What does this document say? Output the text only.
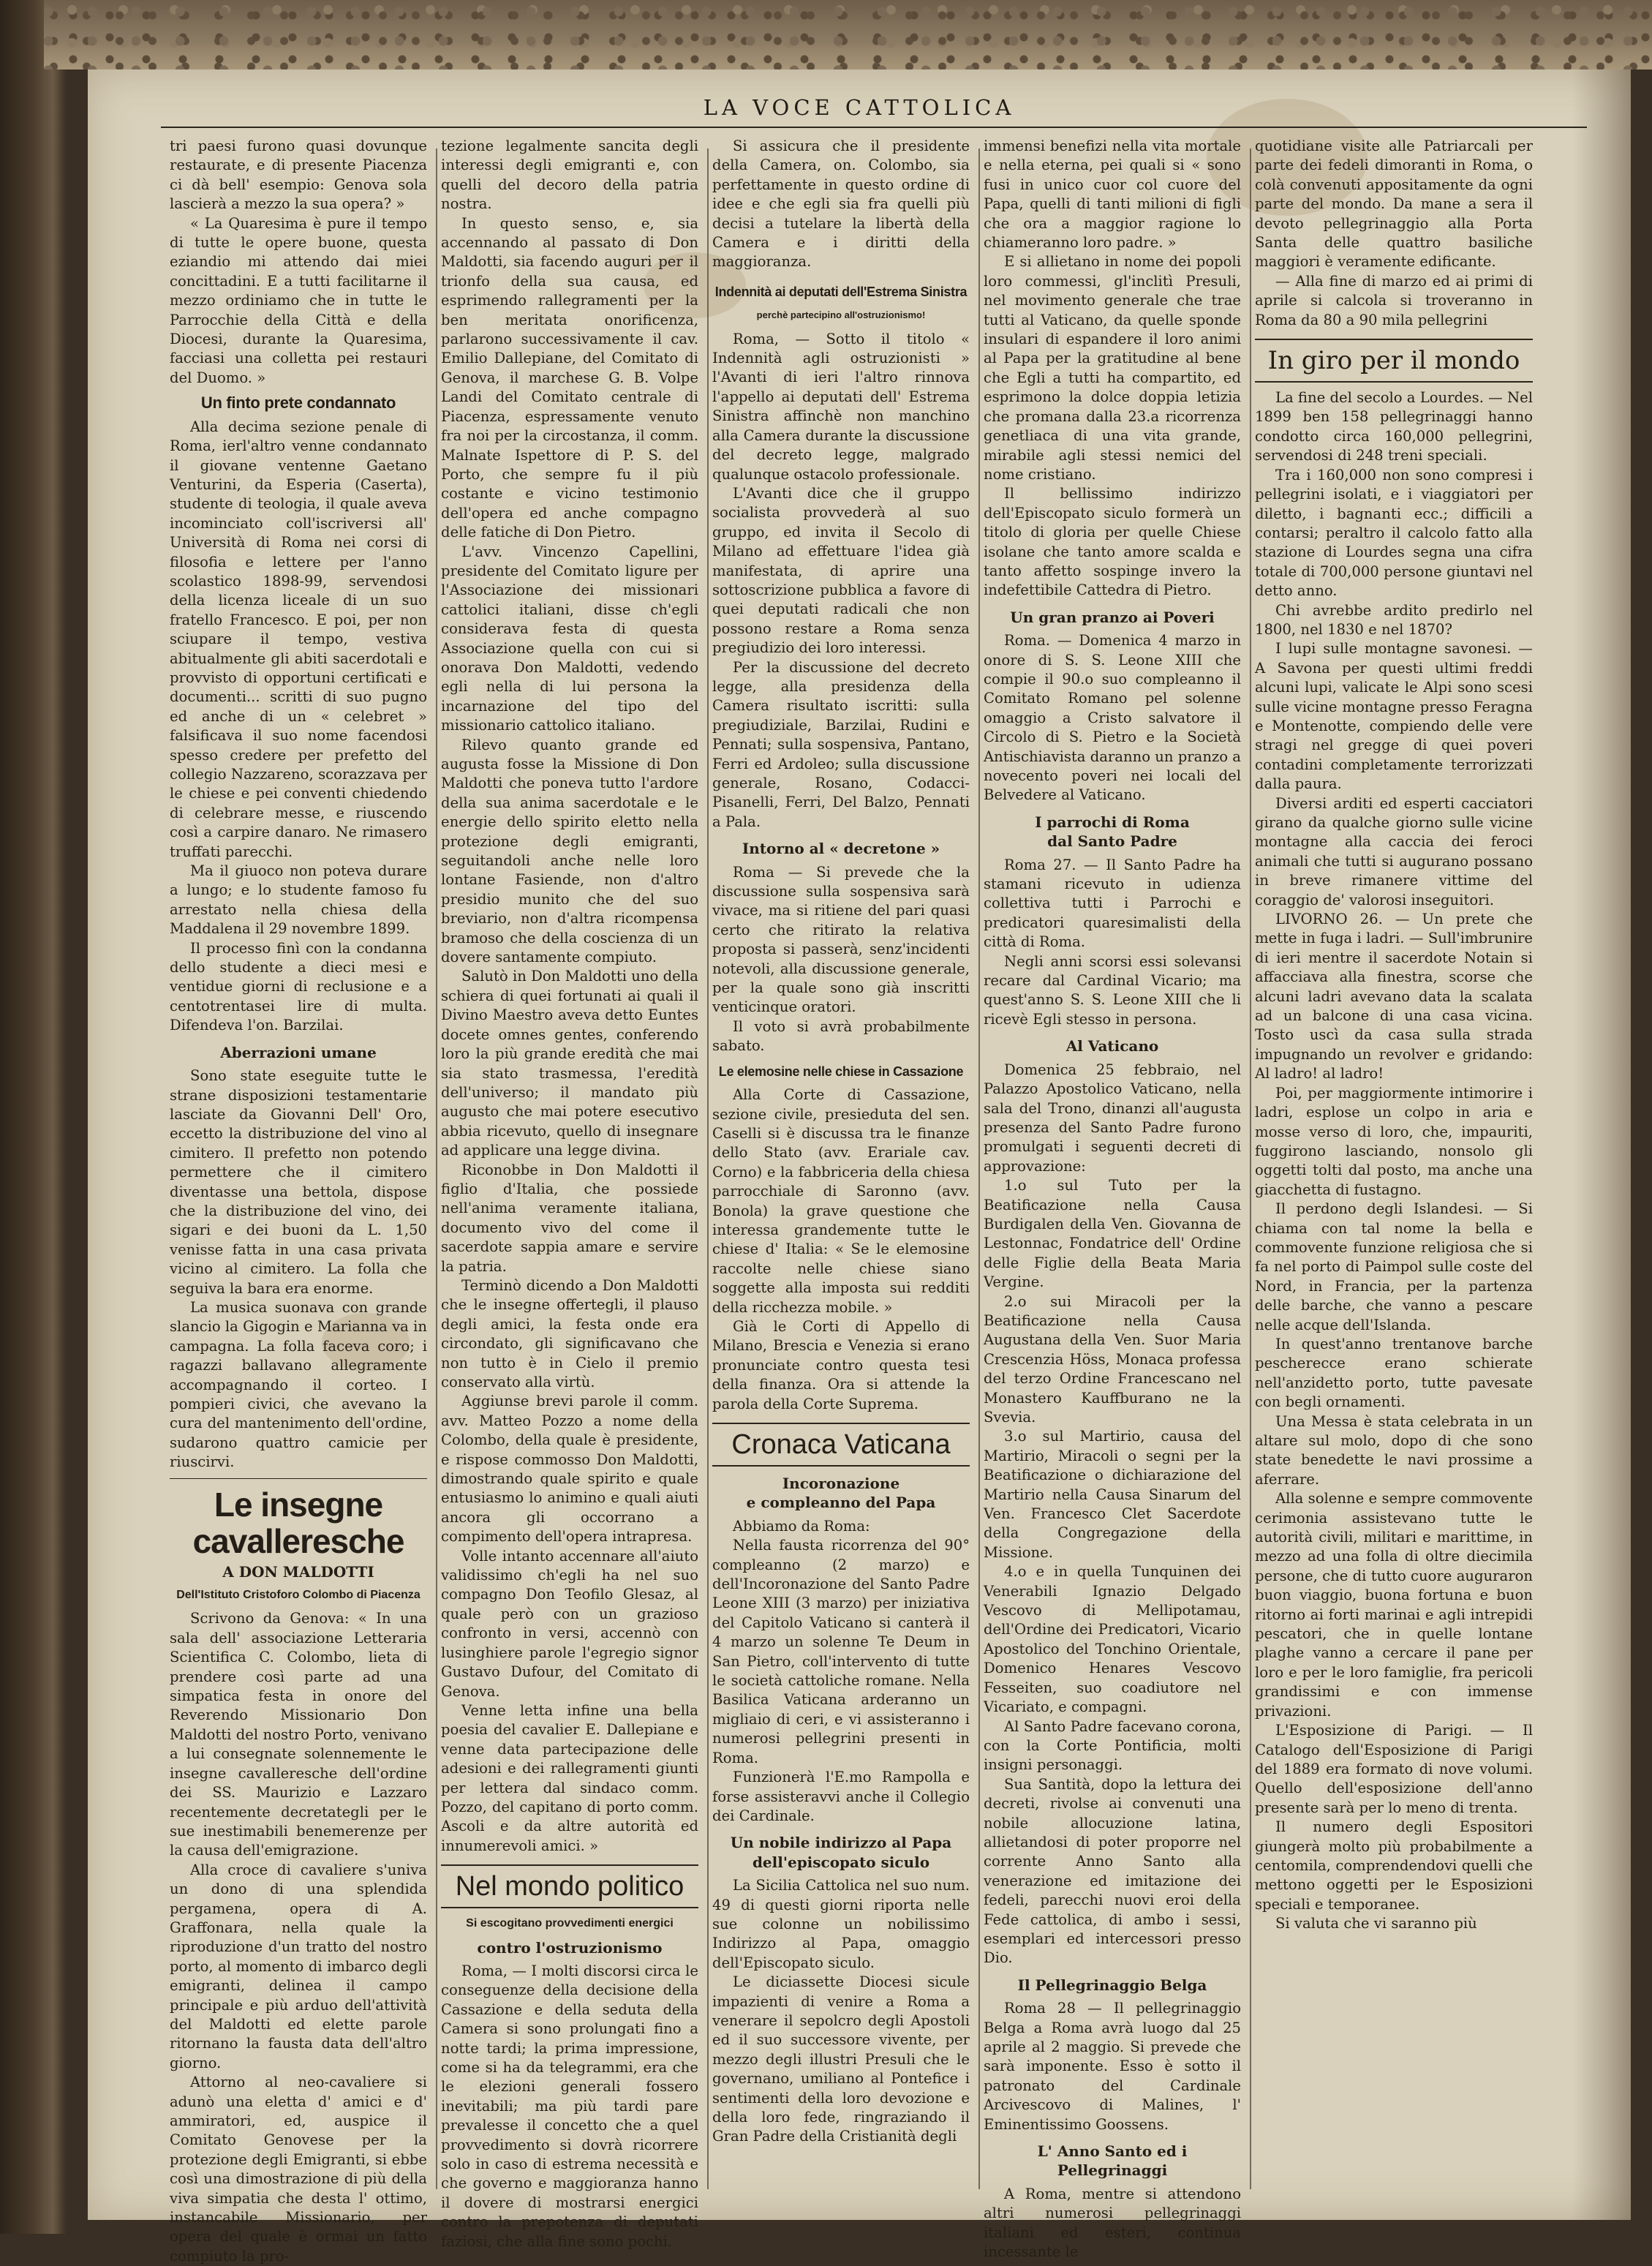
LA VOCE CATTOLICA

tri paesi furono quasi dovunque restaurate, e di presente Piacenza ci dà bell' esempio: Genova sola lascierà a mezzo la sua opera? »

« La Quaresima è pure il tempo di tutte le opere buone, questa eziandio mi attendo dai miei concittadini. E a tutti facilitarne il mezzo ordiniamo che in tutte le Parrocchie della Città e della Diocesi, durante la Quaresima, facciasi una colletta pei restauri del Duomo. »

Un finto prete condannato

Alla decima sezione penale di Roma, ierl'altro venne condannato il giovane ventenne Gaetano Venturini, da Esperia (Caserta), studente di teologia, il quale aveva incominciato coll'iscriversi all' Università di Roma nei corsi di filosofia e lettere per l'anno scolastico 1898-99, servendosi della licenza liceale di un suo fratello Francesco. E poi, per non sciupare il tempo, vestiva abitualmente gli abiti sacerdotali e provvisto di opportuni certificati e documenti... scritti di suo pugno ed anche di un « celebret » falsificava il suo nome facendosi spesso credere per prefetto del collegio Nazzareno, scorazzava per le chiese e pei conventi chiedendo di celebrare messe, e riuscendo così a carpire danaro. Ne rimasero truffati parecchi.

Ma il giuoco non poteva durare a lungo; e lo studente famoso fu arrestato nella chiesa della Maddalena il 29 novembre 1899.

Il processo finì con la condanna dello studente a dieci mesi e ventidue giorni di reclusione e a centotrentasei lire di multa. Difendeva l'on. Barzilai.

Aberrazioni umane

Sono state eseguite tutte le strane disposizioni testamentarie lasciate da Giovanni Dell' Oro, eccetto la distribuzione del vino al cimitero. Il prefetto non potendo permettere che il cimitero diventasse una bettola, dispose che la distribuzione del vino, dei sigari e dei buoni da L. 1,50 venisse fatta in una casa privata vicino al cimitero. La folla che seguiva la bara era enorme.

La musica suonava con grande slancio la Gigogin e Marianna va in campagna. La folla faceva coro; i ragazzi ballavano allegramente accompagnando il corteo. I pompieri civici, che avevano la cura del mantenimento dell'ordine, sudarono quattro camicie per riuscirvi.

Le insegne cavalleresche
A DON MALDOTTI
Dell'Istituto Cristoforo Colombo di Piacenza

Scrivono da Genova: « In una sala dell' associazione Letteraria Scientifica C. Colombo, lieta di prendere così parte ad una simpatica festa in onore del Reverendo Missionario Don Maldotti del nostro Porto, venivano a lui consegnate solennemente le insegne cavalleresche dell'ordine dei SS. Maurizio e Lazzaro recentemente decretategli per le sue inestimabili benemerenze per la causa dell'emigrazione.

Alla croce di cavaliere s'univa un dono di una splendida pergamena, opera di A. Graffonara, nella quale la riproduzione d'un tratto del nostro porto, al momento di imbarco degli emigranti, delinea il campo principale e più arduo dell'attività del Maldotti ed elette parole ritornano la fausta data dell'altro giorno.

Attorno al neo-cavaliere si adunò una eletta d' amici e d' ammiratori, ed, auspice il Comitato Genovese per la protezione degli Emigranti, si ebbe così una dimostrazione di più della viva simpatia che desta l' ottimo, instancabile Missionario, per opera del quale è ormai un fatto compiuto la pro-

tezione legalmente sancita degli interessi degli emigranti e, con quelli del decoro della patria nostra.

In questo senso, e, sia accennando al passato di Don Maldotti, sia facendo auguri per il trionfo della sua causa, ed esprimendo rallegramenti per la ben meritata onorificenza, parlarono successivamente il cav. Emilio Dallepiane, del Comitato di Genova, il marchese G. B. Volpe Landi del Comitato centrale di Piacenza, espressamente venuto fra noi per la circostanza, il comm. Malnate Ispettore di P. S. del Porto, che sempre fu il più costante e vicino testimonio dell'opera ed anche compagno delle fatiche di Don Pietro.

L'avv. Vincenzo Capellini, presidente del Comitato ligure per l'Associazione dei missionari cattolici italiani, disse ch'egli considerava festa di questa Associazione quella con cui si onorava Don Maldotti, vedendo egli nella di lui persona la incarnazione del tipo del missionario cattolico italiano.

Rilevo quanto grande ed augusta fosse la Missione di Don Maldotti che poneva tutto l'ardore della sua anima sacerdotale e le energie dello spirito eletto nella protezione degli emigranti, seguitandoli anche nelle loro lontane Fasiende, non d'altro presidio munito che del suo breviario, non d'altra ricompensa bramoso che della coscienza di un dovere santamente compiuto.

Salutò in Don Maldotti uno della schiera di quei fortunati ai quali il Divino Maestro aveva detto Euntes docete omnes gentes, conferendo loro la più grande eredità che mai sia stato trasmessa, l'eredità dell'universo; il mandato più augusto che mai potere esecutivo abbia ricevuto, quello di insegnare ad applicare una legge divina.

Riconobbe in Don Maldotti il figlio d'Italia, che possiede nell'anima veramente italiana, documento vivo del come il sacerdote sappia amare e servire la patria.

Terminò dicendo a Don Maldotti che le insegne offertegli, il plauso degli amici, la festa onde era circondato, gli significavano che non tutto è in Cielo il premio conservato alla virtù.

Aggiunse brevi parole il comm. avv. Matteo Pozzo a nome della Colombo, della quale è presidente, e rispose commosso Don Maldotti, dimostrando quale spirito e quale entusiasmo lo animino e quali aiuti ancora gli occorrano a compimento dell'opera intrapresa.

Volle intanto accennare all'aiuto validissimo ch'egli ha nel suo compagno Don Teofilo Glesaz, al quale però con un grazioso confronto in versi, accennò con lusinghiere parole l'egregio signor Gustavo Dufour, del Comitato di Genova.

Venne letta infine una bella poesia del cavalier E. Dallepiane e venne data partecipazione delle adesioni e dei rallegramenti giunti per lettera dal sindaco comm. Pozzo, del capitano di porto comm. Ascoli e da altre autorità ed innumerevoli amici. »

Nel mondo politico
Si escogitano provvedimenti energici
contro l'ostruzionismo

Roma, — I molti discorsi circa le conseguenze della decisione della Cassazione e della seduta della Camera si sono prolungati fino a notte tardi; la prima impressione, come si ha da telegrammi, era che le elezioni generali fossero inevitabili; ma più tardi pare prevalesse il concetto che a quel provvedimento si dovrà ricorrere solo in caso di estrema necessità e che governo e maggioranza hanno il dovere di mostrarsi energici contro la prepotenza di deputati faziosi, che alla fine sono pochi.

Si assicura che il presidente della Camera, on. Colombo, sia perfettamente in questo ordine di idee e che egli sia fra quelli più decisi a tutelare la libertà della Camera e i diritti della maggioranza.

Indennità ai deputati dell'Estrema Sinistra
perchè partecipino all'ostruzionismo!

Roma, — Sotto il titolo « Indennità agli ostruzionisti » l'Avanti di ieri l'altro rinnova l'appello ai deputati dell' Estrema Sinistra affinchè non manchino alla Camera durante la discussione del decreto legge, malgrado qualunque ostacolo professionale.

L'Avanti dice che il gruppo socialista provvederà al suo gruppo, ed invita il Secolo di Milano ad effettuare l'idea già manifestata, di aprire una sottoscrizione pubblica a favore di quei deputati radicali che non possono restare a Roma senza pregiudizio dei loro interessi.

Per la discussione del decreto legge, alla presidenza della Camera risultato iscritti: sulla pregiudiziale, Barzilai, Rudini e Pennati; sulla sospensiva, Pantano, Ferri ed Ardoleo; sulla discussione generale, Rosano, Codacci-Pisanelli, Ferri, Del Balzo, Pennati a Pala.

Intorno al « decretone »

Roma — Si prevede che la discussione sulla sospensiva sarà vivace, ma si ritiene del pari quasi certo che ritirato la relativa proposta si passerà, senz'incidenti notevoli, alla discussione generale, per la quale sono già inscritti venticinque oratori.

Il voto si avrà probabilmente sabato.

Le elemosine nelle chiese in Cassazione

Alla Corte di Cassazione, sezione civile, presieduta del sen. Caselli si è discussa tra le finanze dello Stato (avv. Erariale cav. Corno) e la fabbriceria della chiesa parrocchiale di Saronno (avv. Bonola) la grave questione che interessa grandemente tutte le chiese d' Italia: « Se le elemosine raccolte nelle chiese siano soggette alla imposta sui redditi della ricchezza mobile. »

Già le Corti di Appello di Milano, Brescia e Venezia si erano pronunciate contro questa tesi della finanza. Ora si attende la parola della Corte Suprema.

Cronaca Vaticana
Incoronazione
e compleanno del Papa

Abbiamo da Roma:

Nella fausta ricorrenza del 90° compleanno (2 marzo) e dell'Incoronazione del Santo Padre Leone XIII (3 marzo) per iniziativa del Capitolo Vaticano si canterà il 4 marzo un solenne Te Deum in San Pietro, coll'intervento di tutte le società cattoliche romane. Nella Basilica Vaticana arderanno un migliaio di ceri, e vi assisteranno i numerosi pellegrini presenti in Roma.

Funzionerà l'E.mo Rampolla e forse assisteravvi anche il Collegio dei Cardinale.

Un nobile indirizzo al Papa
dell'episcopato siculo

La Sicilia Cattolica nel suo num. 49 di questi giorni riporta nelle sue colonne un nobilissimo Indirizzo al Papa, omaggio dell'Episcopato siculo.

Le diciassette Diocesi sicule impazienti di venire a Roma a venerare il sepolcro degli Apostoli ed il suo successore vivente, per mezzo degli illustri Presuli che le governano, umiliano al Pontefice i sentimenti della loro devozione e della loro fede, ringraziando il Gran Padre della Cristianità degli

immensi benefizi nella vita mortale e nella eterna, pei quali si « sono fusi in unico cuor col cuore del Papa, quelli di tanti milioni di figli che ora a maggior ragione lo chiameranno loro padre. »

E si allietano in nome dei popoli loro commessi, gl'inclitì Presuli, nel movimento generale che trae tutti al Vaticano, da quelle sponde insulari di espandere il loro animi al Papa per la gratitudine al bene che Egli a tutti ha compartito, ed esprimono la dolce doppia letizia che promana dalla 23.a ricorrenza genetliaca di una vita grande, mirabile agli stessi nemici del nome cristiano.

Il bellissimo indirizzo dell'Episcopato siculo formerà un titolo di gloria per quelle Chiese isolane che tanto amore scalda e tanto affetto sospinge invero la indefettibile Cattedra di Pietro.

Un gran pranzo ai Poveri

Roma. — Domenica 4 marzo in onore di S. S. Leone XIII che compie il 90.o suo compleanno il Comitato Romano pel solenne omaggio a Cristo salvatore il Circolo di S. Pietro e la Società Antischiavista daranno un pranzo a novecento poveri nei locali del Belvedere al Vaticano.

I parrochi di Roma
dal Santo Padre

Roma 27. — Il Santo Padre ha stamani ricevuto in udienza collettiva tutti i Parrochi e predicatori quaresimalisti della città di Roma.

Negli anni scorsi essi solevansi recare dal Cardinal Vicario; ma quest'anno S. S. Leone XIII che li ricevè Egli stesso in persona.

Al Vaticano

Domenica 25 febbraio, nel Palazzo Apostolico Vaticano, nella sala del Trono, dinanzi all'augusta presenza del Santo Padre furono promulgati i seguenti decreti di approvazione:

1.o sul Tuto per la Beatificazione nella Causa Burdigalen della Ven. Giovanna de Lestonnac, Fondatrice dell' Ordine delle Figlie della Beata Maria Vergine.

2.o sui Miracoli per la Beatificazione nella Causa Augustana della Ven. Suor Maria Crescenzia Höss, Monaca professa del terzo Ordine Francescano nel Monastero Kauffburano ne la Svevia.

3.o sul Martirio, causa del Martirio, Miracoli o segni per la Beatificazione o dichiarazione del Martirio nella Causa Sinarum del Ven. Francesco Clet Sacerdote della Congregazione della Missione.

4.o e in quella Tunquinen dei Venerabili Ignazio Delgado Vescovo di Mellipotamau, dell'Ordine dei Predicatori, Vicario Apostolico del Tonchino Orientale, Domenico Henares Vescovo Fesseiten, suo coadiutore nel Vicariato, e compagni.

Al Santo Padre facevano corona, con la Corte Pontificia, molti insigni personaggi.

Sua Santità, dopo la lettura dei decreti, rivolse ai convenuti una nobile allocuzione latina, allietandosi di poter proporre nel corrente Anno Santo alla venerazione ed imitazione dei fedeli, parecchi nuovi eroi della Fede cattolica, di ambo i sessi, esemplari ed intercessori presso Dio.

Il Pellegrinaggio Belga

Roma 28 — Il pellegrinaggio Belga a Roma avrà luogo dal 25 aprile al 2 maggio. Si prevede che sarà imponente. Esso è sotto il patronato del Cardinale Arcivescovo di Malines, l' Eminentissimo Goossens.

L' Anno Santo ed i Pellegrinaggi

A Roma, mentre si attendono altri numerosi pellegrinaggi italiani ed esteri, continua incessante le

quotidiane visite alle Patriarcali per parte dei fedeli dimoranti in Roma, o colà convenuti appositamente da ogni parte del mondo. Da mane a sera il devoto pellegrinaggio alla Porta Santa delle quattro basiliche maggiori è veramente edificante.

— Alla fine di marzo ed ai primi di aprile si calcola si troveranno in Roma da 80 a 90 mila pellegrini

In giro per il mondo

La fine del secolo a Lourdes. — Nel 1899 ben 158 pellegrinaggi hanno condotto circa 160,000 pellegrini, servendosi di 248 treni speciali.

Tra i 160,000 non sono compresi i pellegrini isolati, e i viaggiatori per diletto, i bagnanti ecc.; difficili a contarsi; peraltro il calcolo fatto alla stazione di Lourdes segna una cifra totale di 700,000 persone giuntavi nel detto anno.

Chi avrebbe ardito predirlo nel 1800, nel 1830 e nel 1870?

I lupi sulle montagne savonesi. — A Savona per questi ultimi freddi alcuni lupi, valicate le Alpi sono scesi sulle vicine montagne presso Feragna e Montenotte, compiendo delle vere stragi nel gregge di quei poveri contadini completamente terrorizzati dalla paura.

Diversi arditi ed esperti cacciatori girano da qualche giorno sulle vicine montagne alla caccia dei feroci animali che tutti si augurano possano in breve rimanere vittime del coraggio de' valorosi inseguitori.

LIVORNO 26. — Un prete che mette in fuga i ladri. — Sull'imbrunire di ieri mentre il sacerdote Notain si affacciava alla finestra, scorse che alcuni ladri avevano data la scalata ad un balcone di una casa vicina. Tosto uscì da casa sulla strada impugnando un revolver e gridando: Al ladro! al ladro!

Poi, per maggiormente intimorire i ladri, esplose un colpo in aria e mosse verso di loro, che, impauriti, fuggirono lasciando, nonsolo gli oggetti tolti dal posto, ma anche una giacchetta di fustagno.

Il perdono degli Islandesi. — Si chiama con tal nome la bella e commovente funzione religiosa che si fa nel porto di Paimpol sulle coste del Nord, in Francia, per la partenza delle barche, che vanno a pescare nelle acque dell'Islanda.

In quest'anno trentanove barche pescherecce erano schierate nell'anzidetto porto, tutte pavesate con begli ornamenti.

Una Messa è stata celebrata in un altare sul molo, dopo di che sono state benedette le navi prossime a aferrare.

Alla solenne e sempre commovente cerimonia assistevano tutte le autorità civili, militari e marittime, in mezzo ad una folla di oltre diecimila persone, che di tutto cuore auguraron buon viaggio, buona fortuna e buon ritorno ai forti marinai e agli intrepidi pescatori, che in quelle lontane plaghe vanno a cercare il pane per loro e per le loro famiglie, fra pericoli grandissimi e con immense privazioni.

L'Esposizione di Parigi. — Il Catalogo dell'Esposizione di Parigi del 1889 era formato di nove volumi. Quello dell'esposizione dell'anno presente sarà per lo meno di trenta.

Il numero degli Espositori giungerà molto più probabilmente a centomila, comprendendovi quelli che mettono oggetti per le Esposizioni speciali e temporanee.

Si valuta che vi saranno più
